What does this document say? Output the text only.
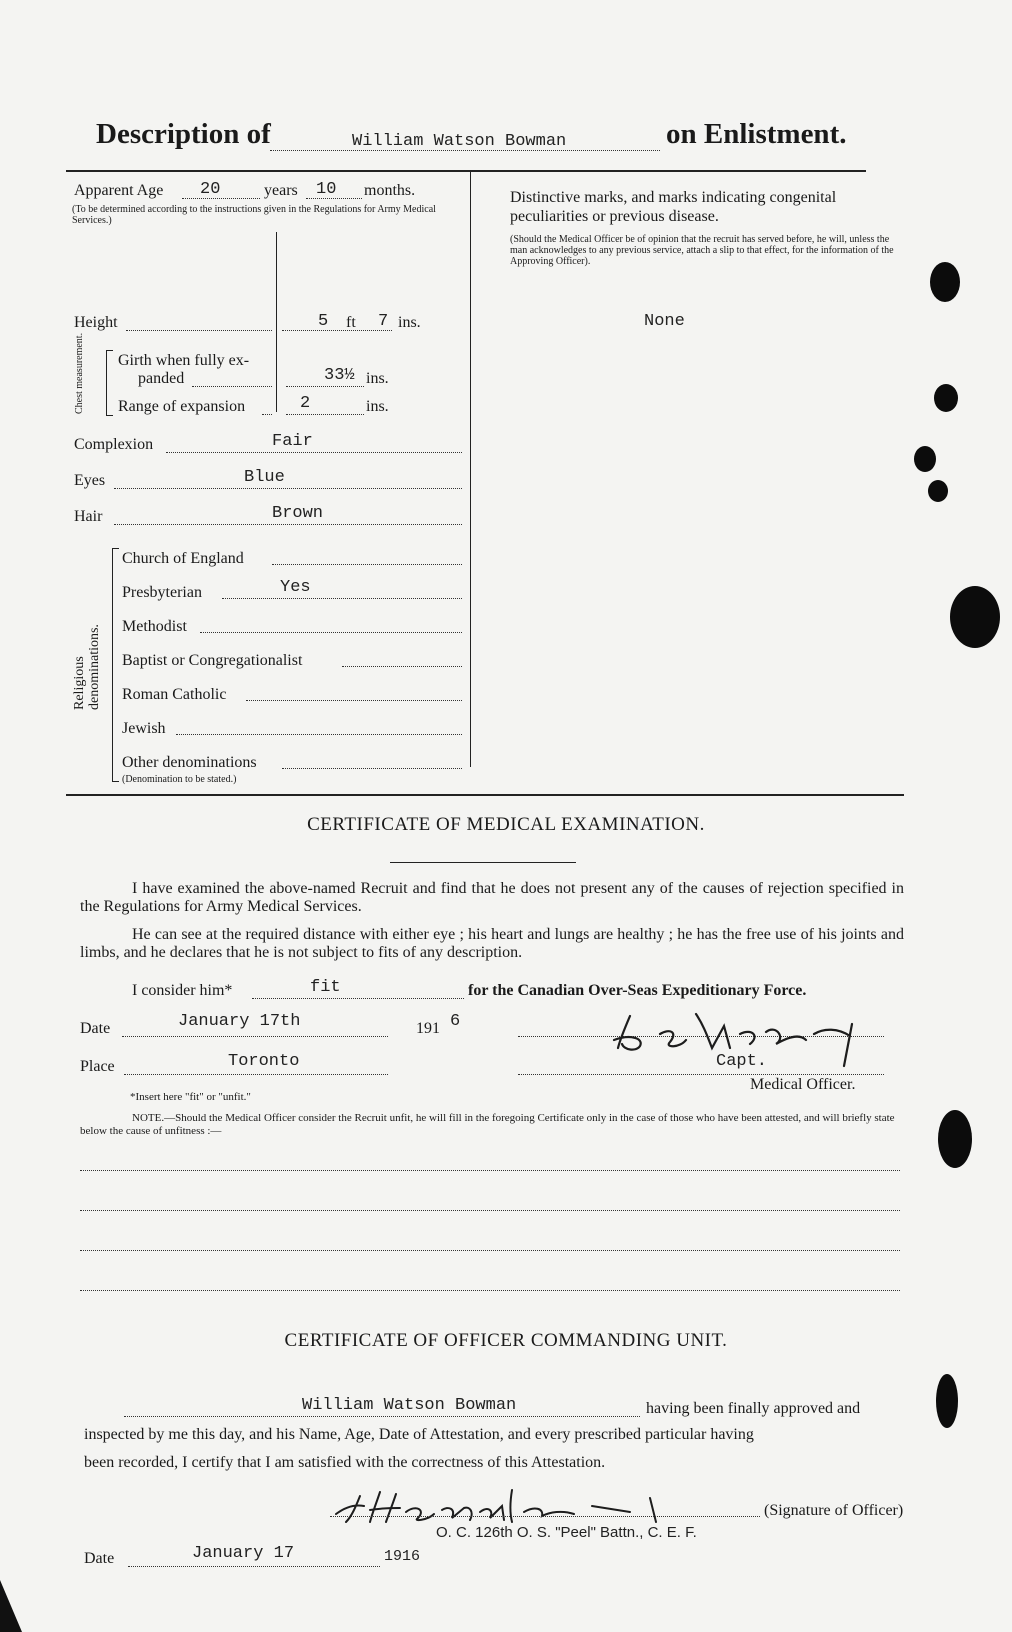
Description of	William Watson Bowman	on Enlistment.
Apparent Age 20	years 10 months.
(To be determined according to the instructions given in the Regulations for Army Medical Services.)
Height	5 ft 7 ins.
Chest measurement. Girth when fully ex-
panded	33½ ins.
Range of expansion	2	ins.
Complexion	Fair
Eyes	Blue
Hair	Brown
Religious denominations.
Church of England
Presbyterian	Yes
Methodist
Baptist or Congregationalist
Roman Catholic
Jewish
Other denominations
(Denomination to be stated.)
Distinctive marks, and marks indicating congenital peculiarities or previous disease.
(Should the Medical Officer be of opinion that the recruit has served before, he will, unless the man acknowledges to any previous service, attach a slip to that effect, for the information of the Approving Officer).
None
CERTIFICATE OF MEDICAL EXAMINATION.
I have examined the above-named Recruit and find that he does not present any of the causes of rejection specified in the Regulations for Army Medical Services.
He can see at the required distance with either eye ; his heart and lungs are healthy ; he has the free use of his joints and limbs, and he declares that he is not subject to fits of any description.
I consider him*	fit	for the Canadian Over-Seas Expeditionary Force.
Date	January 17th	191 6
Place	Toronto	Capt.
Medical Officer.
*Insert here "fit" or "unfit."
NOTE.—Should the Medical Officer consider the Recruit unfit, he will fill in the foregoing Certificate only in the case of those who have been attested, and will briefly state below the cause of unfitness :—
CERTIFICATE OF OFFICER COMMANDING UNIT.
William Watson Bowman	having been finally approved and
inspected by me this day, and his Name, Age, Date of Attestation, and every prescribed particular having
been recorded, I certify that I am satisfied with the correctness of this Attestation.
(Signature of Officer)
O. C. 126th O. S. "Peel" Battn., C. E. F.
Date	January 17	1916
